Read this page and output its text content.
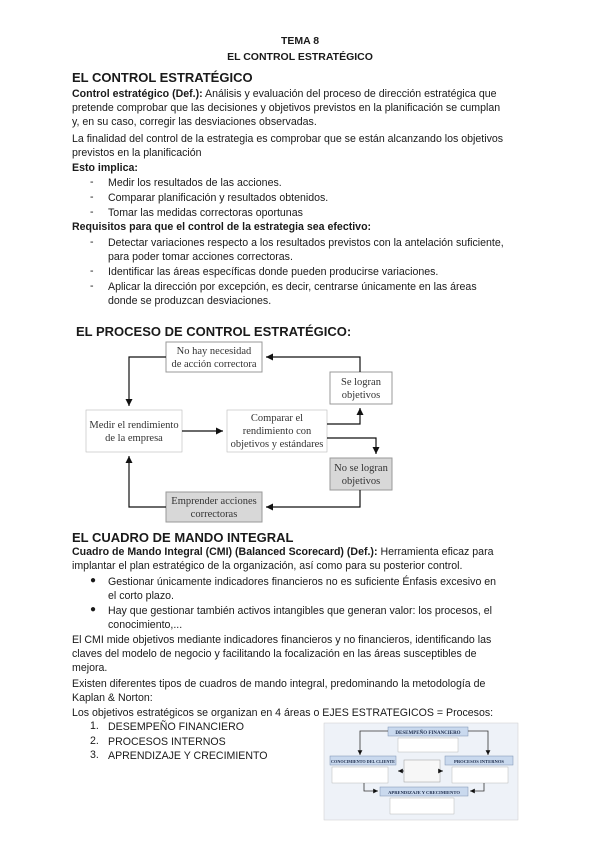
TEMA 8
EL CONTROL ESTRATÉGICO
EL CONTROL ESTRATÉGICO
Control estratégico (Def.): Análisis y evaluación del proceso de dirección estratégica que
pretende comprobar que las decisiones y objetivos previstos en la planificación se cumplan
y, en su caso, corregir las desviaciones observadas.
La finalidad del control de la estrategia es comprobar que se están alcanzando los objetivos
previstos en la planificación
Esto implica:
- Medir los resultados de las acciones.
- Comparar planificación y resultados obtenidos.
- Tomar las medidas correctoras oportunas
Requisitos para que el control de la estrategia sea efectivo:
- Detectar variaciones respecto a los resultados previstos con la antelación suficiente,
para poder tomar acciones correctoras.
- Identificar las áreas específicas donde pueden producirse variaciones.
- Aplicar la dirección por excepción, es decir, centrarse únicamente en las áreas
donde se produzcan desviaciones.
EL PROCESO DE CONTROL ESTRATÉGICO:
No hay necesidad
de acción correctora
Medir el rendimiento
de la empresa
Comparar el
rendimiento con
objetivos y estándares
Se logran
objetivos
No se logran
objetivos
Emprender acciones
correctoras
DESEMPEÑO FINANCIERO
CONOCIMIENTO DEL CLIENTE	PROCESOS INTERNOS
APRENDIZAJE Y CRECIMIENTO
EL CUADRO DE MANDO INTEGRAL
Cuadro de Mando Integral (CMI) (Balanced Scorecard) (Def.): Herramienta eficaz para
implantar el plan estratégico de la organización, así como para su posterior control.
● Gestionar únicamente indicadores financieros no es suficiente Énfasis excesivo en
el corto plazo.
● Hay que gestionar también activos intangibles que generan valor: los procesos, el
conocimiento,...
El CMI mide objetivos mediante indicadores financieros y no financieros, identificando las
claves del modelo de negocio y facilitando la focalización en las áreas susceptibles de
mejora.
Existen diferentes tipos de cuadros de mando integral, predominando la metodología de
Kaplan & Norton:
Los objetivos estratégicos se organizan en 4 áreas o EJES ESTRATEGICOS = Procesos:
1. DESEMPEÑO FINANCIERO
2. PROCESOS INTERNOS
3. APRENDIZAJE Y CRECIMIENTO
